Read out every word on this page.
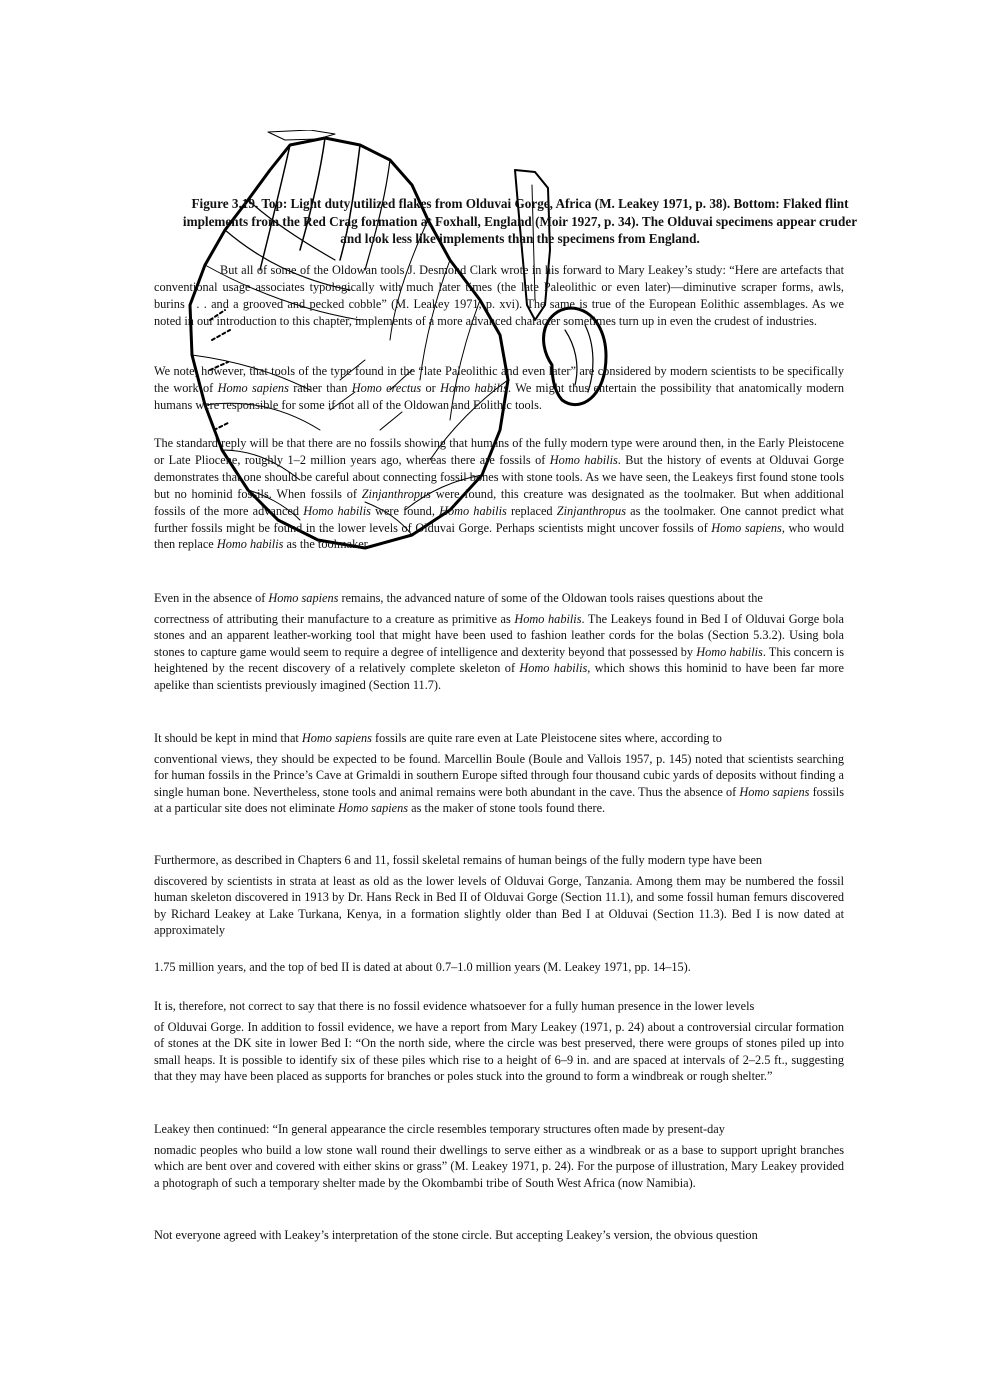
Figure 3.19. Top: Light duty utilized flakes from Olduvai Gorge, Africa (M. Leakey 1971, p. 38). Bottom: Flaked flint implements from the Red Crag formation at Foxhall, England (Moir 1927, p. 34). The Olduvai specimens appear cruder and look less like implements than the specimens from England.

But all of some of the Oldowan tools J. Desmond Clark wrote in his forward to Mary Leakey’s study: “Here are artefacts that conventional usage associates typologically with much later times (the late Paleolithic or even later)—diminutive scraper forms, awls, burins . . . and a grooved and pecked cobble” (M. Leakey 1971, p. xvi). The same is true of the European Eolithic assemblages. As we noted in our introduction to this chapter, implements of a more advanced character sometimes turn up in even the crudest of industries.

We note, however, that tools of the type found in the “late Paleolithic and even later” are considered by modern scientists to be specifically the work of Homo sapiens rather than Homo erectus or Homo habilis. We might thus entertain the possibility that anatomically modern humans were responsible for some if not all of the Oldowan and Eolithic tools.

The standard reply will be that there are no fossils showing that humans of the fully modern type were around then, in the Early Pleistocene or Late Pliocene, roughly 1–2 million years ago, whereas there are fossils of Homo habilis. But the history of events at Olduvai Gorge demonstrates that one should be careful about connecting fossil bones with stone tools. As we have seen, the Leakeys first found stone tools but no hominid fossils. When fossils of Zinjanthropus were found, this creature was designated as the toolmaker. But when additional fossils of the more advanced Homo habilis were found, Homo habilis replaced Zinjanthropus as the toolmaker. One cannot predict what further fossils might be found in the lower levels of Olduvai Gorge. Perhaps scientists might uncover fossils of Homo sapiens, who would then replace Homo habilis as the toolmaker.

Even in the absence of Homo sapiens remains, the advanced nature of some of the Oldowan tools raises questions about the
correctness of attributing their manufacture to a creature as primitive as Homo habilis. The Leakeys found in Bed I of Olduvai Gorge bola stones and an apparent leather-working tool that might have been used to fashion leather cords for the bolas (Section 5.3.2). Using bola stones to capture game would seem to require a degree of intelligence and dexterity beyond that possessed by Homo habilis. This concern is heightened by the recent discovery of a relatively complete skeleton of Homo habilis, which shows this hominid to have been far more apelike than scientists previously imagined (Section 11.7).

It should be kept in mind that Homo sapiens fossils are quite rare even at Late Pleistocene sites where, according to
conventional views, they should be expected to be found. Marcellin Boule (Boule and Vallois 1957, p. 145) noted that scientists searching for human fossils in the Prince’s Cave at Grimaldi in southern Europe sifted through four thousand cubic yards of deposits without finding a single human bone. Nevertheless, stone tools and animal remains were both abundant in the cave. Thus the absence of Homo sapiens fossils at a particular site does not eliminate Homo sapiens as the maker of stone tools found there.

Furthermore, as described in Chapters 6 and 11, fossil skeletal remains of human beings of the fully modern type have been
discovered by scientists in strata at least as old as the lower levels of Olduvai Gorge, Tanzania. Among them may be numbered the fossil human skeleton discovered in 1913 by Dr. Hans Reck in Bed II of Olduvai Gorge (Section 11.1), and some fossil human femurs discovered by Richard Leakey at Lake Turkana, Kenya, in a formation slightly older than Bed I at Olduvai (Section 11.3). Bed I is now dated at approximately

1.75 million years, and the top of bed II is dated at about 0.7–1.0 million years (M. Leakey 1971, pp. 14–15).

It is, therefore, not correct to say that there is no fossil evidence whatsoever for a fully human presence in the lower levels
of Olduvai Gorge. In addition to fossil evidence, we have a report from Mary Leakey (1971, p. 24) about a controversial circular formation of stones at the DK site in lower Bed I: “On the north side, where the circle was best preserved, there were groups of stones piled up into small heaps. It is possible to identify six of these piles which rise to a height of 6–9 in. and are spaced at intervals of 2–2.5 ft., suggesting that they may have been placed as supports for branches or poles stuck into the ground to form a windbreak or rough shelter.”

Leakey then continued: “In general appearance the circle resembles temporary structures often made by present-day
nomadic peoples who build a low stone wall round their dwellings to serve either as a windbreak or as a base to support upright branches which are bent over and covered with either skins or grass” (M. Leakey 1971, p. 24). For the purpose of illustration, Mary Leakey provided a photograph of such a temporary shelter made by the Okombambi tribe of South West Africa (now Namibia).

Not everyone agreed with Leakey’s interpretation of the stone circle. But accepting Leakey’s version, the obvious question
